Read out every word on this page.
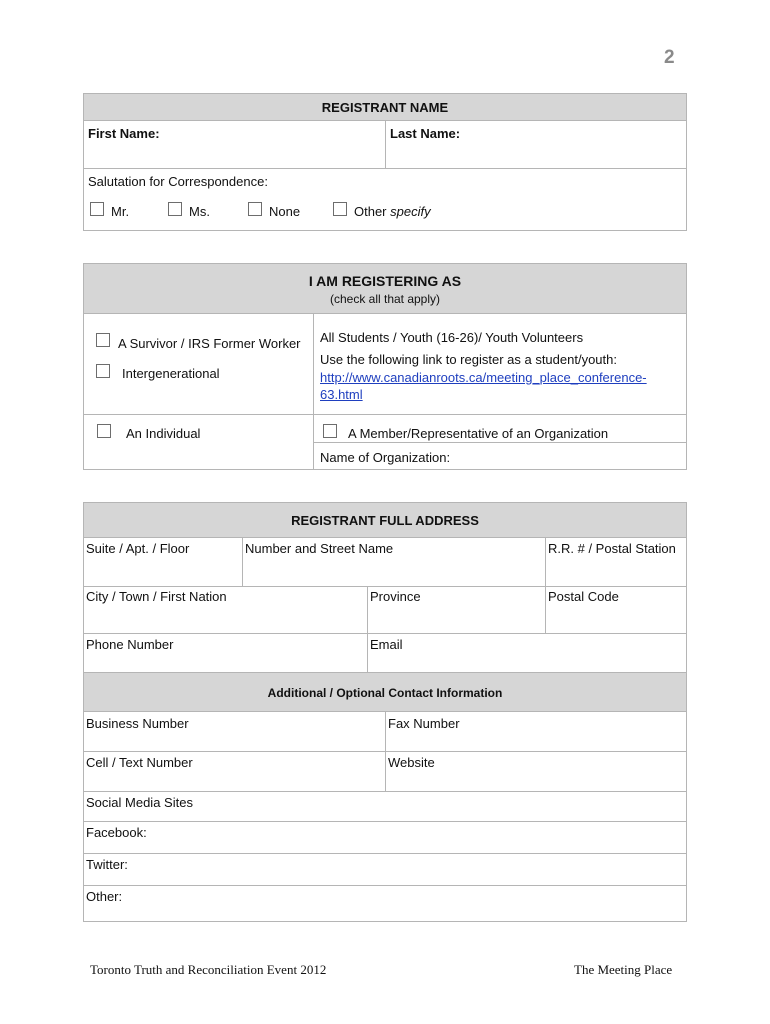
2
REGISTRANT NAME
First Name:	Last Name:
Salutation for Correspondence:
Mr.	Ms.	None	Other specify
I AM REGISTERING AS
(check all that apply)
A Survivor / IRS Former Worker
Intergenerational
All Students / Youth (16-26)/ Youth Volunteers
Use the following link to register as a student/youth:
http://www.canadianroots.ca/meeting_place_conference-
63.html
An Individual	A Member/Representative of an Organization
Name of Organization:
REGISTRANT FULL ADDRESS
Suite / Apt. / Floor	Number and Street Name	R.R. # / Postal Station
City / Town / First Nation	Province	Postal Code
Phone Number	Email
Additional / Optional Contact Information
Business Number	Fax Number
Cell / Text Number	Website
Social Media Sites
Facebook:
Twitter:
Other:
Toronto Truth and Reconciliation Event 2012	The Meeting Place
